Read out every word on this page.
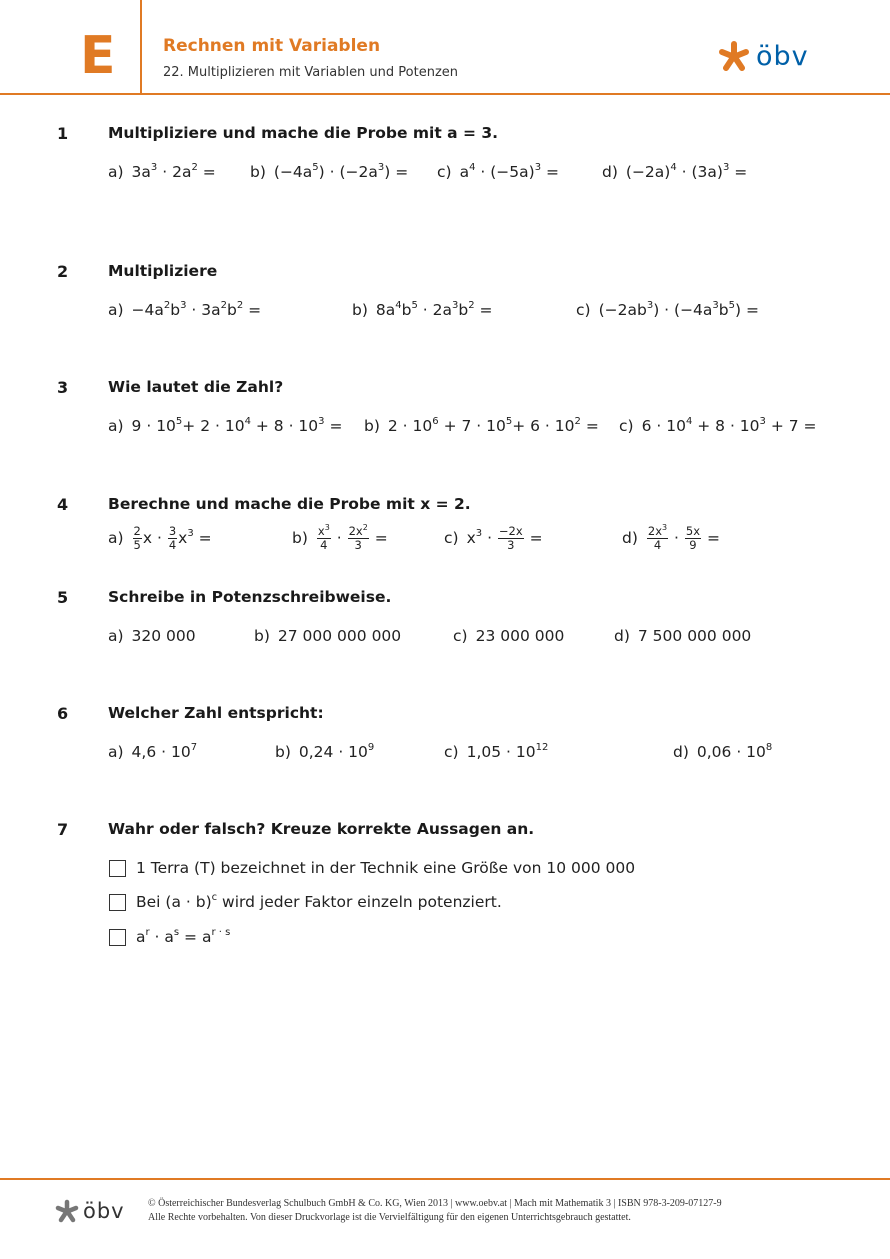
E	Rechnen mit Variablen
22. Multiplizieren mit Variablen und Potenzen
öbv
1	Multipliziere und mache die Probe mit a = 3.
a) $3a^3 \cdot 2a^2 = b$) $(-4a^5) \cdot (-2a^3) = c$) $a^4 \cdot (-5a)^3$ =	d) $(-2a)^4 \cdot (3a)^3$ =
2	Multipliziere
$a) -4a^2b^3 \cdot 3a^2b^2$ =	b) $8a^4b^5 \cdot 2a^3b^2$ =	c) $(-2ab^3) \cdot (-4a^3b^5)$ =
3	Wie lautet die Zahl?
a) $9 \cdot 10^5+ 2 \cdot 10^4 + 8 \cdot 10^3 = b$) $2 \cdot 10^6 + 7 \cdot 10^5+ 6 \cdot 10^2 = c$) $6 \cdot 10^4 + 8 \cdot 10^3 + 7$ =
4	Berechne und mache die Probe mit x = 2.
$a) \frac{2}{5}$ $x \cdot \frac{3}{4} x^3$ =	$b) \frac{x^3}{4} \cdot \frac{2x^2}{3}$ =	c) $x^3 \cdot \frac{-2x}{3}$ =	$d) \frac{2x^3}{4} \cdot \frac{5x}{9}$ =
5	Schreibe in Potenzschreibweise.
a) 320 000	b) 27 000 000 000	c) 23 000 000	d) 7 500 000 000
6	Welcher Zahl entspricht:
a) $4,6 \cdot 10^7$	b) $0,24 \cdot 10^9$	c) $1,05 \cdot 10^{12}$	d) $0,06 \cdot 10^8$
7	Wahr oder falsch? Kreuze korrekte Aussagen an.
1 Terra (T) bezeichnet in der Technik eine Größe von 10 000 000
Bei $(a \cdot b)^c$ wird jeder Faktor einzeln potenziert.
$a^r \cdot a^s = a^{r \cdot s}$
öbv © Österreichischer Bundesverlag Schulbuch GmbH & Co. KG, Wien 2013 | www.oebv.at | Mach mit Mathematik 3 | ISBN 978-3-209-07127-9
Alle Rechte vorbehalten. Von dieser Druckvorlage ist die Vervielfältigung für den eigenen Unterrichtsgebrauch gestattet.
